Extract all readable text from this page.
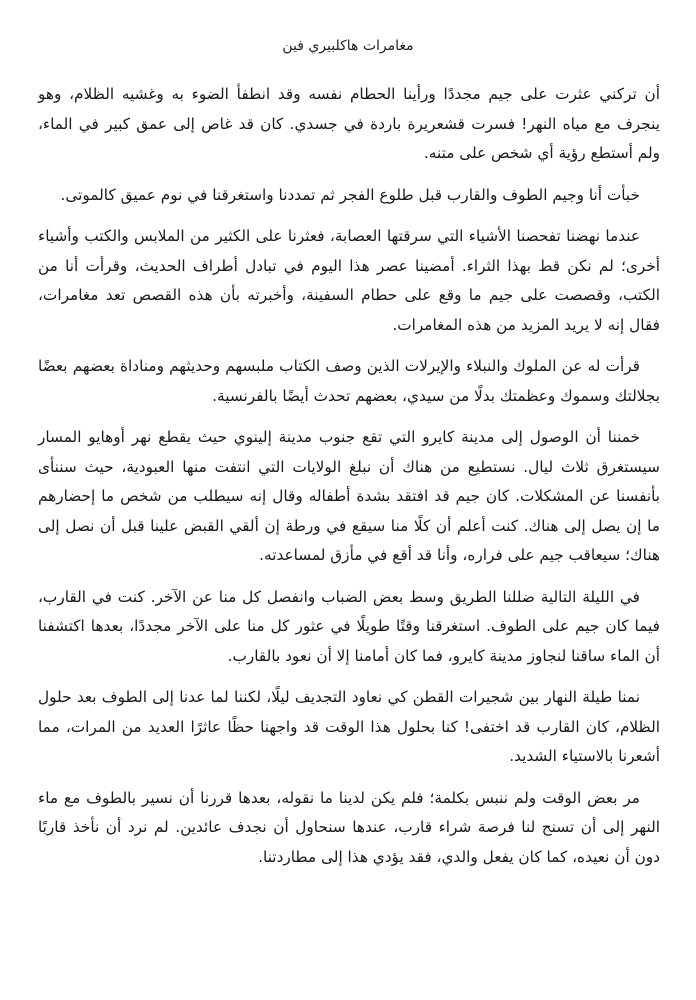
مغامرات هاكلبيري فين

أن تركني عثرت على جيم مجددًا ورأينا الحطام نفسه وقد انطفأ الضوء به وغشيه الظلام، وهو ينجرف مع مياه النهر! فسرت قشعريرة باردة في جسدي. كان قد غاص إلى عمق كبير في الماء، ولم أستطع رؤية أي شخص على متنه.

خبأت أنا وجيم الطوف والقارب قبل طلوع الفجر ثم تمددنا واستغرقنا في نوم عميق كالموتى.

عندما نهضنا تفحصنا الأشياء التي سرقتها العصابة، فعثرنا على الكثير من الملابس والكتب وأشياء أخرى؛ لم نكن قط بهذا الثراء. أمضينا عصر هذا اليوم في تبادل أطراف الحديث، وقرأت أنا من الكتب، وقصصت على جيم ما وقع على حطام السفينة، وأخبرته بأن هذه القصص تعد مغامرات، فقال إنه لا يريد المزيد من هذه المغامرات.

قرأت له عن الملوك والنبلاء والإيرلات الذين وصف الكتاب ملبسهم وحديثهم ومناداة بعضهم بعضًا بجلالتك وسموك وعظمتك بدلًا من سيدي، بعضهم تحدث أيضًا بالفرنسية.

خمننا أن الوصول إلى مدينة كايرو التي تقع جنوب مدينة إلينوي حيث يقطع نهر أوهايو المسار سيستغرق ثلاث ليال. نستطيع من هناك أن نبلغ الولايات التي انتفت منها العبودية، حيث سننأى بأنفسنا عن المشكلات. كان جيم قد افتقد بشدة أطفاله وقال إنه سيطلب من شخص ما إحضارهم ما إن يصل إلى هناك. كنت أعلم أن كلًا منا سيقع في ورطة إن ألقي القبض علينا قبل أن نصل إلى هناك؛ سيعاقب جيم على فراره، وأنا قد أقع في مأزق لمساعدته.

في الليلة التالية ضللنا الطريق وسط بعض الضباب وانفصل كل منا عن الآخر. كنت في القارب، فيما كان جيم على الطوف. استغرقنا وقتًا طويلًا في عثور كل منا على الآخر مجددًا، بعدها اكتشفنا أن الماء ساقنا لنجاوز مدينة كايرو، فما كان أمامنا إلا أن نعود بالقارب.

نمنا طيلة النهار بين شجيرات القطن كي نعاود التجديف ليلًا، لكننا لما عدنا إلى الطوف بعد حلول الظلام، كان القارب قد اختفى! كنا بحلول هذا الوقت قد واجهنا حظًا عاثرًا العديد من المرات، مما أشعرنا بالاستياء الشديد.

مر بعض الوقت ولم ننبس بكلمة؛ فلم يكن لدينا ما نقوله، بعدها قررنا أن نسير بالطوف مع ماء النهر إلى أن تسنح لنا فرصة شراء قارب، عندها سنحاول أن نجدف عائدين. لم نرد أن نأخذ قاربًا دون أن نعيده، كما كان يفعل والدي، فقد يؤدي هذا إلى مطاردتنا.
